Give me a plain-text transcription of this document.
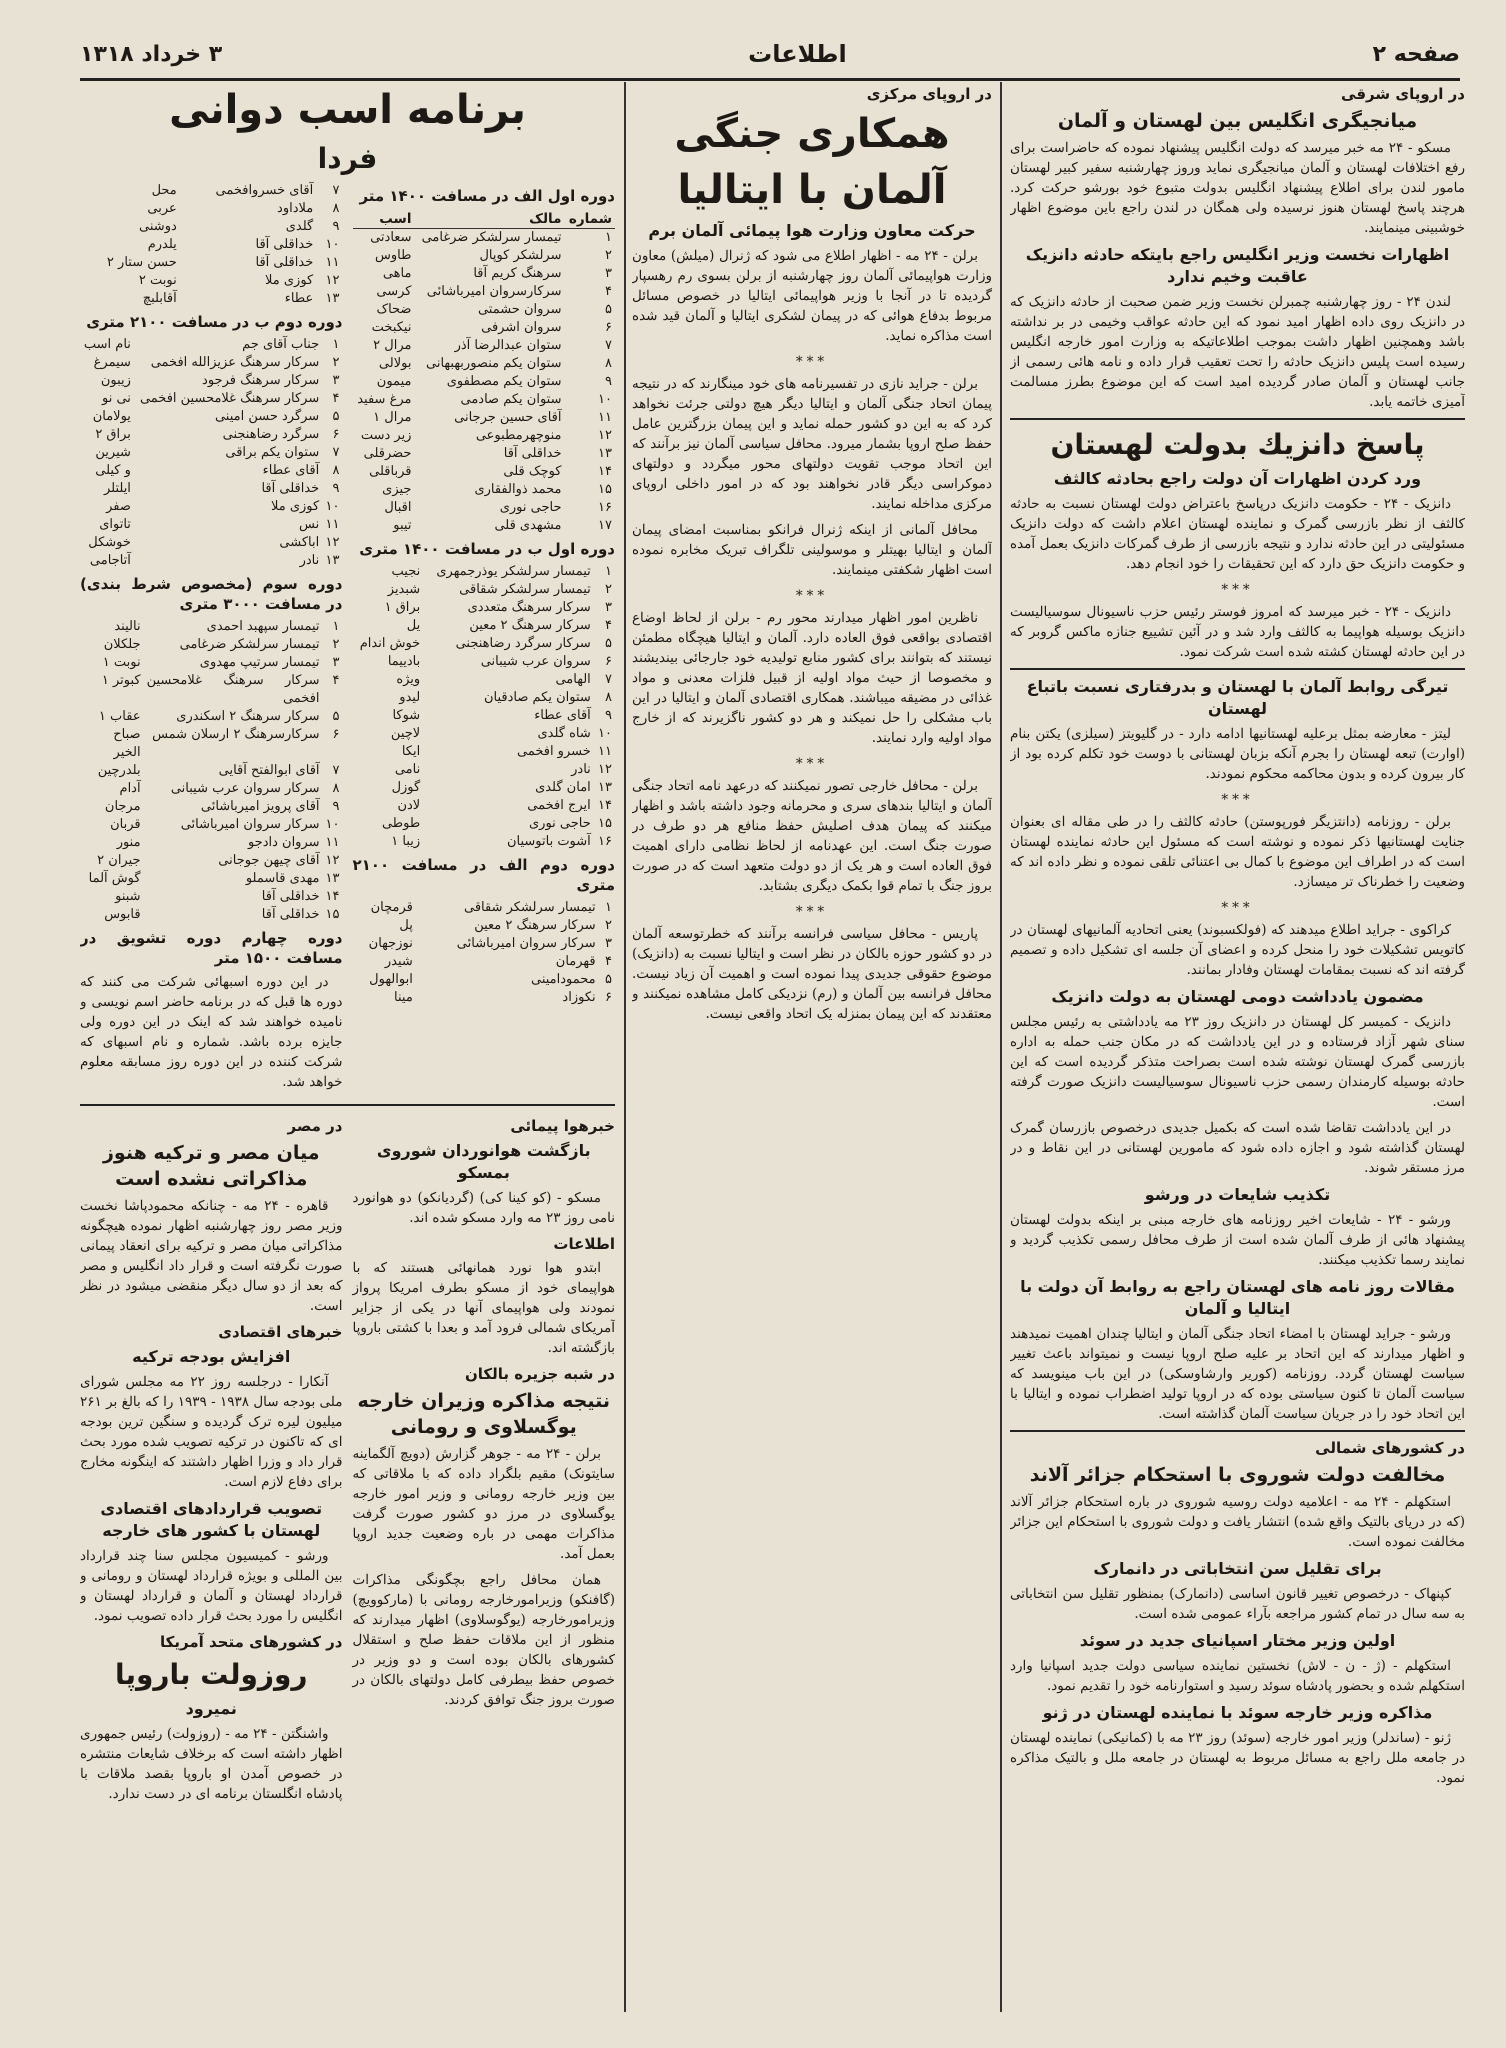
صفحه ۲
اطلاعات
۳ خرداد ۱۳۱۸
در اروپای شرقی
میانجیگری انگلیس بین لهستان و آلمان

مسکو - ۲۴ مه خبر میرسد که دولت انگلیس پیشنهاد نموده که حاضراست برای رفع اختلافات لهستان و آلمان میانجیگری نماید وروز چهارشنبه سفیر کبیر لهستان مامور لندن برای اطلاع پیشنهاد انگلیس بدولت متبوع خود بورشو حرکت کرد. هرچند پاسخ لهستان هنوز نرسیده ولی همگان در لندن راجع باین موضوع اظهار خوشبینی مینمایند.

اظهارات نخست وزیر انگلیس راجع بایتکه حادثه دانزیک عاقبت وخیم ندارد

لندن ۲۴ - روز چهارشنبه چمبرلن نخست وزیر ضمن صحبت از حادثه دانزیک که در دانزیک روی داده اظهار امید نمود که این حادثه عواقب وخیمی در بر نداشته باشد وهمچنین اظهار داشت بموجب اطلاعاتیکه به وزارت امور خارجه انگلیس رسیده است پلیس دانزیک حادثه را تحت تعقیب قرار داده و نامه هائی رسمی از جانب لهستان و آلمان صادر گردیده امید است که این موضوع بطرز مسالمت آمیزی خاتمه یابد.

پاسخ دانزیك بدولت لهستان
ورد کردن اظهارات آن دولت راجع بحادثه کالثف

دانزیک - ۲۴ - حکومت دانزیک درپاسخ باعتراض دولت لهستان نسبت به حادثه کالثف از نظر بازرسی گمرک و نماینده لهستان اعلام داشت که دولت دانزیک مسئولیتی در این حادثه ندارد و نتیجه بازرسی از طرف گمرکات دانزیک بعمل آمده و حکومت دانزیک حق دارد که این تحقیقات را خود انجام دهد.

***

دانزیک - ۲۴ - خبر میرسد که امروز فوستر رئیس حزب ناسیونال سوسیالیست دانزیک بوسیله هواپیما به کالثف وارد شد و در آئین تشییع جنازه ماکس گروبر که در این حادثه لهستان کشته شده است شرکت نمود.

تیرگی روابط آلمان با لهستان و بدرفتاری نسبت باتباع لهستان

لیتز - معارضه بمثل برعلیه لهستانیها ادامه دارد - در گلیویتز (سیلزی) یکتن بنام (اوارت) تبعه لهستان را بجرم آنکه بزبان لهستانی با دوست خود تکلم کرده بود از کار بیرون کرده و بدون محاکمه محکوم نمودند.

***

برلن - روزنامه (دانتزیگر فورپوستن) حادثه کالثف را در طی مقاله ای بعنوان جنایت لهستانیها ذکر نموده و نوشته است که مسئول این حادثه نماینده لهستان است که در اطراف این موضوع با کمال بی اعتنائی تلقی نموده و نظر داده اند که وضعیت را خطرناک تر میسازد.

***

کراکوی - جراید اطلاع میدهند که (فولکسبوند) یعنی اتحادیه آلمانیهای لهستان در کاتویس تشکیلات خود را منحل کرده و اعضای آن جلسه ای تشکیل داده و تصمیم گرفته اند که نسبت بمقامات لهستان وفادار بمانند.

مضمون یادداشت دومی لهستان به دولت دانزیک

دانزیک - کمیسر کل لهستان در دانزیک روز ۲۳ مه یادداشتی به رئیس مجلس سنای شهر آزاد فرستاده و در این یادداشت که در مکان جنب حمله به اداره بازرسی گمرک لهستان نوشته شده است بصراحت متذکر گردیده است که این حادثه بوسیله کارمندان رسمی حزب ناسیونال سوسیالیست دانزیک صورت گرفته است.

در این یادداشت تقاضا شده است که بکمیل جدیدی درخصوص بازرسان گمرک لهستان گذاشته شود و اجازه داده شود که مامورین لهستانی در این نقاط و در مرز مستقر شوند.

تکذیب شایعات در ورشو

ورشو - ۲۴ - شایعات اخیر روزنامه های خارجه مبنی بر اینکه بدولت لهستان پیشنهاد هائی از طرف آلمان شده است از طرف محافل رسمی تکذیب گردید و نمایند رسما تکذیب میکنند.

مقالات روز نامه های لهستان راجع به روابط آن دولت با ایتالیا و آلمان

ورشو - جراید لهستان با امضاء اتحاد جنگی آلمان و ایتالیا چندان اهمیت نمیدهند و اظهار میدارند که این اتحاد بر علیه صلح اروپا نیست و نمیتواند باعث تغییر سیاست لهستان گردد. روزنامه (کوریر وارشاوسکی) در این باب مینویسد که سیاست آلمان تا کنون سیاستی بوده که در اروپا تولید اضطراب نموده و ایتالیا با این اتحاد خود را در جریان سیاست آلمان گذاشته است.

در کشورهای شمالی
مخالفت دولت شوروی با استحکام جزائر آلاند

استکهلم - ۲۴ مه - اعلامیه دولت روسیه شوروی در باره استحکام جزائر آلاند (که در دریای بالتیک واقع شده) انتشار یافت و دولت شوروی با استحکام این جزائر مخالفت نموده است.

برای تقلیل سن انتخاباتی در دانمارک

کپنهاک - درخصوص تغییر قانون اساسی (دانمارک) بمنظور تقلیل سن انتخاباتی به سه سال در تمام کشور مراجعه بآراء عمومی شده است.

اولین وزیر مختار اسپانیای جدید در سوئد

استکهلم - (ژ - ن - لاش) نخستین نماینده سیاسی دولت جدید اسپانیا وارد استکهلم شده و بحضور پادشاه سوئد رسید و استوارنامه خود را تقدیم نمود.

مذاکره وزیر خارجه سوئد با نماینده لهستان در ژنو

ژنو - (ساندلر) وزیر امور خارجه (سوئد) روز ۲۳ مه با (کمانیکی) نماینده لهستان در جامعه ملل راجع به مسائل مربوط به لهستان در جامعه ملل و بالتیک مذاکره نمود.

در اروپای مرکزی
همکاری جنگی
آلمان با ایتالیا
حرکت معاون وزارت هوا پیمائی آلمان برم

برلن - ۲۴ مه - اظهار اطلاع می شود که ژنرال (میلش) معاون وزارت هواپیمائی آلمان روز چهارشنبه از برلن بسوی رم رهسپار گردیده تا در آنجا با وزیر هواپیمائی ایتالیا در خصوص مسائل مربوط بدفاع هوائی که در پیمان لشکری ایتالیا و آلمان قید شده است مذاکره نماید.

***

برلن - جراید نازی در تفسیرنامه های خود مینگارند که در نتیجه پیمان اتحاد جنگی آلمان و ایتالیا دیگر هیچ دولتی جرئت نخواهد کرد که به این دو کشور حمله نماید و این پیمان بزرگترین عامل حفظ صلح اروپا بشمار میرود. محافل سیاسی آلمان نیز برآنند که این اتحاد موجب تقویت دولتهای محور میگردد و دولتهای دموکراسی دیگر قادر نخواهند بود که در امور داخلی اروپای مرکزی مداخله نمایند.

محافل آلمانی از اینکه ژنرال فرانکو بمناسبت امضای پیمان آلمان و ایتالیا بهیتلر و موسولینی تلگراف تبریک مخابره نموده است اظهار شکفتی مینمایند.

***

ناظرین امور اظهار میدارند محور رم - برلن از لحاظ اوضاع اقتصادی بواقعی فوق العاده دارد. آلمان و ایتالیا هیچگاه مطمئن نیستند که بتوانند برای کشور منابع تولیدیه خود جارجائی بیندیشند و مخصوصا از حیث مواد اولیه از قبیل فلزات معدنی و مواد غذائی در مضیقه میباشند. همکاری اقتصادی آلمان و ایتالیا در این باب مشکلی را حل نمیکند و هر دو کشور ناگزیرند که از خارج مواد اولیه وارد نمایند.

***

برلن - محافل خارجی تصور نمیکنند که درعهد نامه اتحاد جنگی آلمان و ایتالیا بندهای سری و محرمانه وجود داشته باشد و اظهار میکنند که پیمان هدف اصلیش حفظ منافع هر دو طرف در صورت جنگ است. این عهدنامه از لحاظ نظامی دارای اهمیت فوق العاده است و هر یک از دو دولت متعهد است که در صورت بروز جنگ با تمام قوا بکمک دیگری بشتابد.

***

پاریس - محافل سیاسی فرانسه برآنند که خطرتوسعه آلمان در دو کشور حوزه بالکان در نظر است و ایتالیا نسبت به (دانزیک) موضوع حقوقی جدیدی پیدا نموده است و اهمیت آن زیاد نیست. محافل فرانسه بین آلمان و (رم) نزدیکی کامل مشاهده نمیکنند و معتقدند که این پیمان بمنزله یک اتحاد واقعی نیست.

برنامه اسب دوانی
فردا
دوره اول الف در مسافت ۱۴۰۰ متر
شماره	مالک	اسب
۱	تیمسار سرلشکر ضرغامی	سعادتی
۲	سرلشکر کوپال	طاوس
۳	سرهنگ کریم آقا	ماهی
۴	سرکارسروان امیرباشائی	کرسی
۵	سروان حشمتی	ضحاک
۶	سروان اشرفی	نیکبخت
۷	ستوان عبدالرضا آذر	مرال ۲
۸	ستوان یکم منصوربهبهانی	بولالی
۹	ستوان یکم مصطفوی	میمون
۱۰	ستوان یکم صادمی	مرغ سفید
۱۱	آقای حسین جرجانی	مرال ۱
۱۲	منوچهرمطبوعی	زیر دست
۱۳	خداقلی آقا	حضرقلی
۱۴	کوچک قلی	قرباقلی
۱۵	محمد ذوالفقاری	جیزی
۱۶	حاجی نوری	اقبال
۱۷	مشهدی قلی	تیبو
دوره اول ب در مسافت ۱۴۰۰ متری
۱	تیمسار سرلشکر یوذرجمهری	نجیب
۲	تیمسار سرلشکر شقاقی	شبدیز
۳	سرکار سرهنگ متعددی	براق ۱
۴	سرکار سرهنگ ۲ معین	یل
۵	سرکار سرگرد رضاهنجنی	خوش اندام
۶	سروان عرب شیبانی	بادییما
۷	الهامی	ویژه
۸	ستوان یکم صادقیان	لیدو
۹	آقای عطاء	شوکا
۱۰	شاه گلدی	لاچین
۱۱	خسرو افخمی	ایکا
۱۲	نادر	نامی
۱۳	امان گلدی	گوزل
۱۴	ایرج افخمی	لادن
۱۵	حاجی نوری	طوطی
۱۶	آشوت باتوسیان	زیبا ۱
دوره دوم الف در مسافت ۲۱۰۰ متری
۱	تیمسار سرلشکر شقاقی	قرمچان
۲	سرکار سرهنگ ۲ معین	پل
۳	سرکار سروان امیرباشائی	نوزجهان
۴	قهرمان	شیدر
۵	محمودامینی	ابوالهول
۶	نکوزاد	مینا
۷	آقای خسروافخمی	محل
۸	ملاداود	عربی
۹	گلدی	دوشنی
۱۰	خداقلی آقا	یلدرم
۱۱	خداقلی آقا	حسن ستار ۲
۱۲	کوزی ملا	نوبت ۲
۱۳	عطاء	آقابلبچ
دوره دوم ب در مسافت ۲۱۰۰ متری
۱	جناب آقای جم	نام اسب
۲	سرکار سرهنگ عزیزالله افخمی	سیمرغ
۳	سرکار سرهنگ فرجود	زیبون
۴	سرکار سرهنگ غلامحسین افخمی	نی نو
۵	سرگرد حسن امینی	یولامان
۶	سرگرد رضاهنجنی	براق ۲
۷	ستوان یکم براقی	شیرین
۸	آقای عطاء	و کیلی
۹	خداقلی آقا	ایلتلر
۱۰	کوزی ملا	صفر
۱۱	نس	تاتوای
۱۲	اباکشی	خوشکل
۱۳	نادر	آتاجامی
دوره سوم (مخصوص شرط بندی) در مسافت ۳۰۰۰ متری
۱	تیمسار سپهبد احمدی	نالیند
۲	تیمسار سرلشکر ضرغامی	جلکلان
۳	تیمسار سرتیپ مهدوی	نوبت ۱
۴	سرکار سرهنگ غلامحسین افخمی	کبوتر ۱
۵	سرکار سرهنگ ۲ اسکندری	عقاب ۱
۶	سرکارسرهنگ ۲ ارسلان شمس	صباح الخیر
۷	آقای ابوالفتح آقایی	بلدرچین
۸	سرکار سروان عرب شیبانی	آدام
۹	آقای پرویز امیرباشائی	مرجان
۱۰	سرکار سروان امیرباشائی	قربان
۱۱	سروان دادجو	منور
۱۲	آقای چیهن جوجانی	جیران ۲
۱۳	مهدی قاسملو	گوش آلما
۱۴	خداقلی آقا	شبنو
۱۵	خداقلی آقا	قابوس
دوره چهارم دوره تشویق در مسافت ۱۵۰۰ متر

در این دوره اسبهائی شرکت می کنند که دوره ها قبل که در برنامه حاضر اسم نویسی و نامیده خواهند شد که اینک در این دوره ولی جایزه برده باشد. شماره و نام اسبهای که شرکت کننده در این دوره روز مسابقه معلوم خواهد شد.

خبرهوا پیمائی
بازگشت هوانوردان شوروی بمسکو

مسکو - (کو کینا کی) (گردیانکو) دو هوانورد نامی روز ۲۳ مه وارد مسکو شده اند.

اطلاعات

ابتدو هوا نورد همانهائی هستند که با هواپیمای خود از مسکو بطرف امریکا پرواز نمودند ولی هواپیمای آنها در یکی از جزایر آمریکای شمالی فرود آمد و بعدا با کشتی باروپا بازگشته اند.

در شبه جزیره بالکان
نتیجه مذاکره وزیران خارجه یوگسلاوی و رومانی

برلن - ۲۴ مه - جوهر گزارش (دویچ آلگماینه سایتونک) مقیم بلگراد داده که با ملاقاتی که بین وزیر خارجه رومانی و وزیر امور خارجه یوگسلاوی در مرز دو کشور صورت گرفت مذاکرات مهمی در باره وضعیت جدید اروپا بعمل آمد.

همان محافل راجع بچگونگی مذاکرات (گافنکو) وزیرامورخارجه رومانی با (مارکوویچ) وزیرامورخارجه (یوگوسلاوی) اظهار میدارند که منظور از این ملاقات حفظ صلح و استقلال کشورهای بالکان بوده است و دو وزیر در خصوص حفظ بیطرفی کامل دولتهای بالکان در صورت بروز جنگ توافق کردند.

در مصر
میان مصر و ترکیه هنوز مذاکراتی نشده است

قاهره - ۲۴ مه - چنانکه محمودپاشا نخست وزیر مصر روز چهارشنبه اظهار نموده هیچگونه مذاکراتی میان مصر و ترکیه برای انعقاد پیمانی صورت نگرفته است و قرار داد انگلیس و مصر که بعد از دو سال دیگر منقضی میشود در نظر است.

خبرهای اقتصادی
افزایش بودجه ترکیه

آنکارا - درجلسه روز ۲۲ مه مجلس شورای ملی بودجه سال ۱۹۳۸ - ۱۹۳۹ را که بالغ بر ۲۶۱ میلیون لیره ترک گردیده و سنگین ترین بودجه ای که تاکنون در ترکیه تصویب شده مورد بحث قرار داد و وزرا اظهار داشتند که اینگونه مخارج برای دفاع لازم است.

تصویب قراردادهای اقتصادی لهستان با کشور های خارجه

ورشو - کمیسیون مجلس سنا چند قرارداد بین المللی و بویژه قرارداد لهستان و رومانی و قرارداد لهستان و آلمان و قرارداد لهستان و انگلیس را مورد بحث قرار داده تصویب نمود.

در کشورهای متحد آمریکا
روزولت باروپا
نمیرود

واشنگتن - ۲۴ مه - (روزولت) رئیس جمهوری اظهار داشته است که برخلاف شایعات منتشره در خصوص آمدن او باروپا بقصد ملاقات با پادشاه انگلستان برنامه ای در دست ندارد.
